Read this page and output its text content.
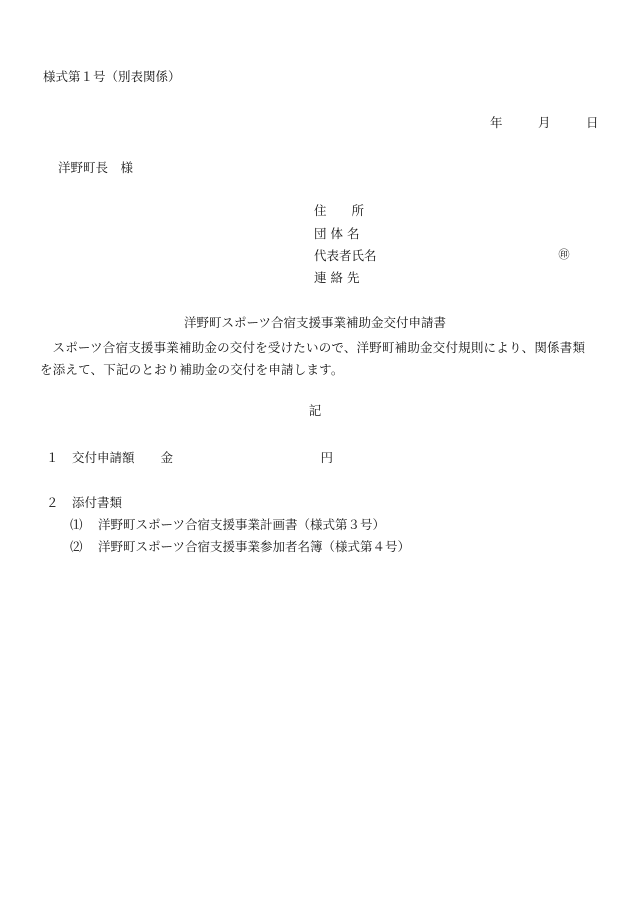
様式第１号（別表関係）
年	月	日
洋野町長　様
住　　所
団 体 名
代表者氏名	㊞
連 絡 先
洋野町スポーツ合宿支援事業補助金交付申請書
スポーツ合宿支援事業補助金の交付を受けたいので、洋野町補助金交付規則により、関係書類を添えて、下記のとおり補助金の交付を申請します。
記
１ 交付申請額 金	円
２ 添付書類
⑴ 洋野町スポーツ合宿支援事業計画書（様式第３号）
⑵ 洋野町スポーツ合宿支援事業参加者名簿（様式第４号）
